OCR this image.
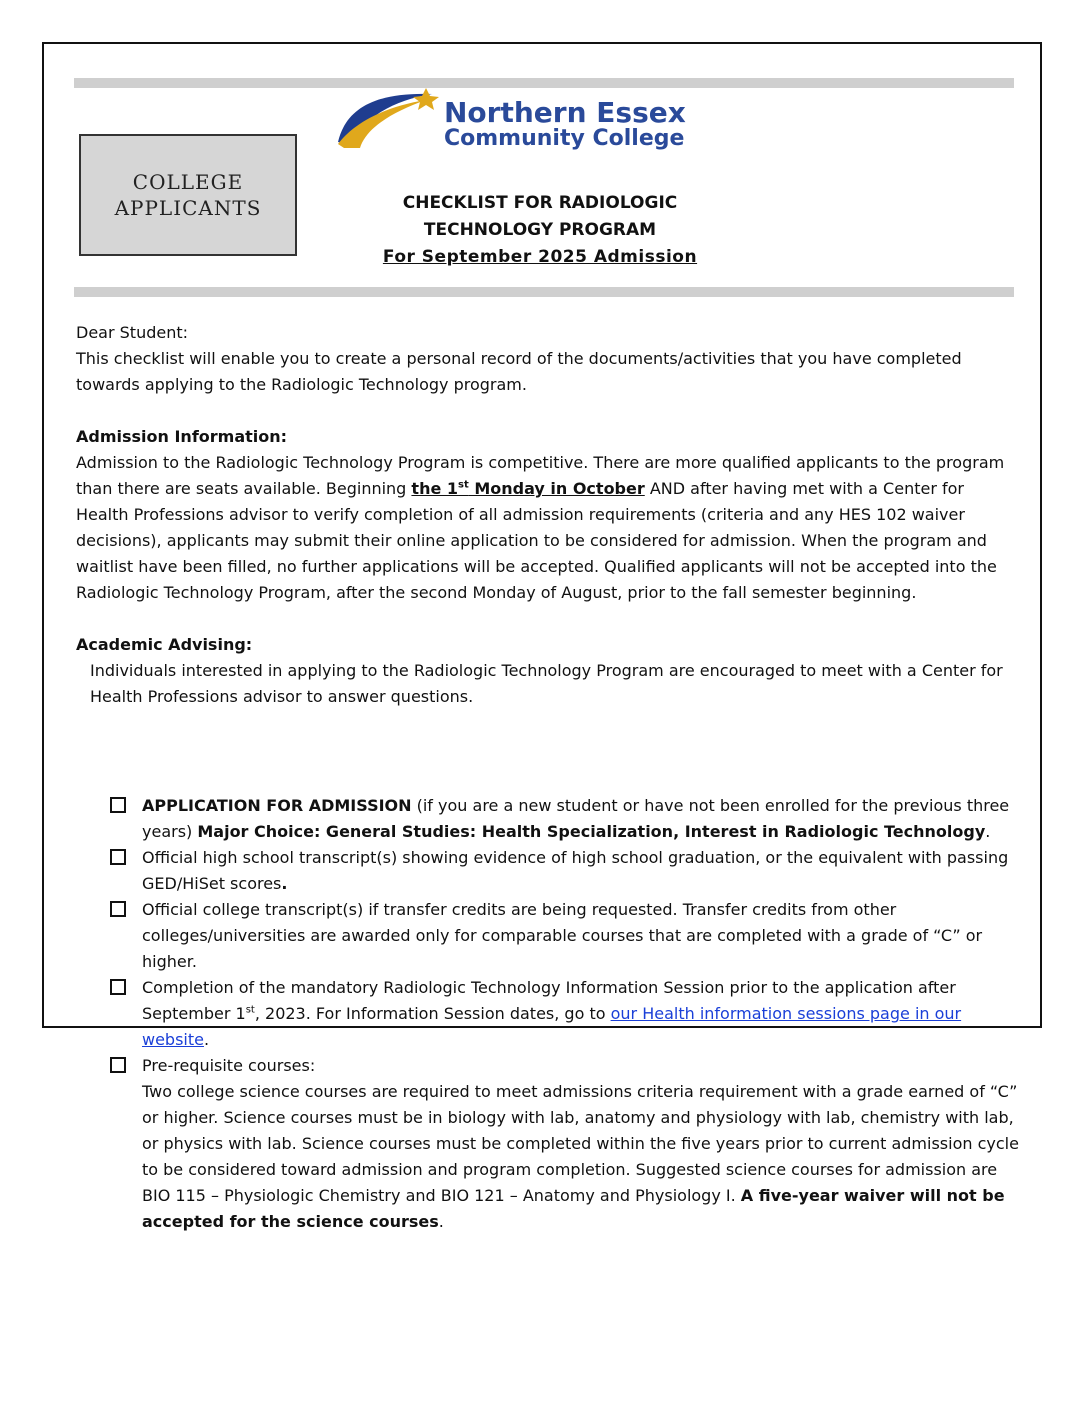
Northern Essex
Community College
COLLEGE
APPLICANTS	CHECKLIST FOR RADIOLOGIC
TECHNOLOGY PROGRAM
For September 2025 Admission

Dear Student:

This checklist will enable you to create a personal record of the documents/activities that you have completed towards applying to the Radiologic Technology program.

Admission Information:

Admission to the Radiologic Technology Program is competitive. There are more qualified applicants to the program than there are seats available. Beginning the 1st Monday in October AND after having met with a Center for Health Professions advisor to verify completion of all admission requirements (criteria and any HES 102 waiver decisions), applicants may submit their online application to be considered for admission. When the program and waitlist have been filled, no further applications will be accepted. Qualified applicants will not be accepted into the Radiologic Technology Program, after the second Monday of August, prior to the fall semester beginning.

Academic Advising:

Individuals interested in applying to the Radiologic Technology Program are encouraged to meet with a Center for Health Professions advisor to answer questions.

APPLICATION FOR ADMISSION (if you are a new student or have not been enrolled for the previous three years) Major Choice: General Studies: Health Specialization, Interest in Radiologic Technology.
Official high school transcript(s) showing evidence of high school graduation, or the equivalent with passing GED/HiSet scores.
Official college transcript(s) if transfer credits are being requested. Transfer credits from other colleges/universities are awarded only for comparable courses that are completed with a grade of “C” or higher.
Completion of the mandatory Radiologic Technology Information Session prior to the application after September 1st, 2023. For Information Session dates, go to our Health information sessions page in our website.
Pre-requisite courses:
Two college science courses are required to meet admissions criteria requirement with a grade earned of “C” or higher. Science courses must be in biology with lab, anatomy and physiology with lab, chemistry with lab, or physics with lab. Science courses must be completed within the five years prior to current admission cycle to be considered toward admission and program completion. Suggested science courses for admission are BIO 115 – Physiologic Chemistry and BIO 121 – Anatomy and Physiology I. A five-year waiver will not be accepted for the science courses.
